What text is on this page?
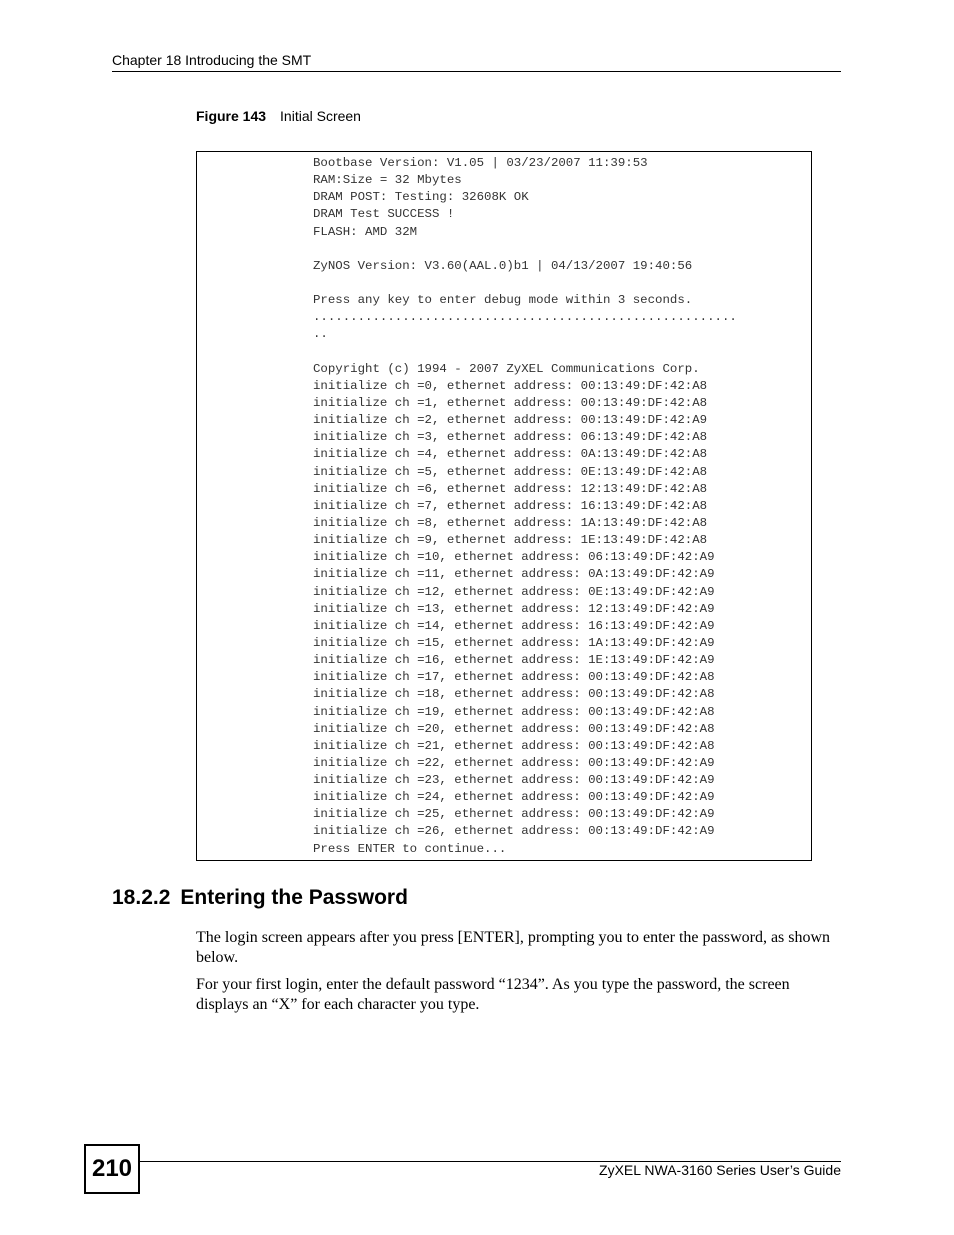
Chapter 18 Introducing the SMT
Figure 143 Initial Screen
Bootbase Version: V1.05 | 03/23/2007 11:39:53
RAM:Size = 32 Mbytes
DRAM POST: Testing: 32608K OK
DRAM Test SUCCESS !
FLASH: AMD 32M
ZyNOS Version: V3.60(AAL.0)b1 | 04/13/2007 19:40:56
Press any key to enter debug mode within 3 seconds.
.........................................................
..
Copyright (c) 1994 - 2007 ZyXEL Communications Corp.
initialize ch =0, ethernet address: 00:13:49:DF:42:A8
initialize ch =1, ethernet address: 00:13:49:DF:42:A8
initialize ch =2, ethernet address: 00:13:49:DF:42:A9
initialize ch =3, ethernet address: 06:13:49:DF:42:A8
initialize ch =4, ethernet address: 0A:13:49:DF:42:A8
initialize ch =5, ethernet address: 0E:13:49:DF:42:A8
initialize ch =6, ethernet address: 12:13:49:DF:42:A8
initialize ch =7, ethernet address: 16:13:49:DF:42:A8
initialize ch =8, ethernet address: 1A:13:49:DF:42:A8
initialize ch =9, ethernet address: 1E:13:49:DF:42:A8
initialize ch =10, ethernet address: 06:13:49:DF:42:A9
initialize ch =11, ethernet address: 0A:13:49:DF:42:A9
initialize ch =12, ethernet address: 0E:13:49:DF:42:A9
initialize ch =13, ethernet address: 12:13:49:DF:42:A9
initialize ch =14, ethernet address: 16:13:49:DF:42:A9
initialize ch =15, ethernet address: 1A:13:49:DF:42:A9
initialize ch =16, ethernet address: 1E:13:49:DF:42:A9
initialize ch =17, ethernet address: 00:13:49:DF:42:A8
initialize ch =18, ethernet address: 00:13:49:DF:42:A8
initialize ch =19, ethernet address: 00:13:49:DF:42:A8
initialize ch =20, ethernet address: 00:13:49:DF:42:A8
initialize ch =21, ethernet address: 00:13:49:DF:42:A8
initialize ch =22, ethernet address: 00:13:49:DF:42:A9
initialize ch =23, ethernet address: 00:13:49:DF:42:A9
initialize ch =24, ethernet address: 00:13:49:DF:42:A9
initialize ch =25, ethernet address: 00:13:49:DF:42:A9
initialize ch =26, ethernet address: 00:13:49:DF:42:A9
Press ENTER to continue...
18.2.2 Entering the Password
The login screen appears after you press [ENTER], prompting you to enter the password, as shown below.
For your first login, enter the default password “1234”. As you type the password, the screen displays an “X” for each character you type.
210	ZyXEL NWA-3160 Series User’s Guide
